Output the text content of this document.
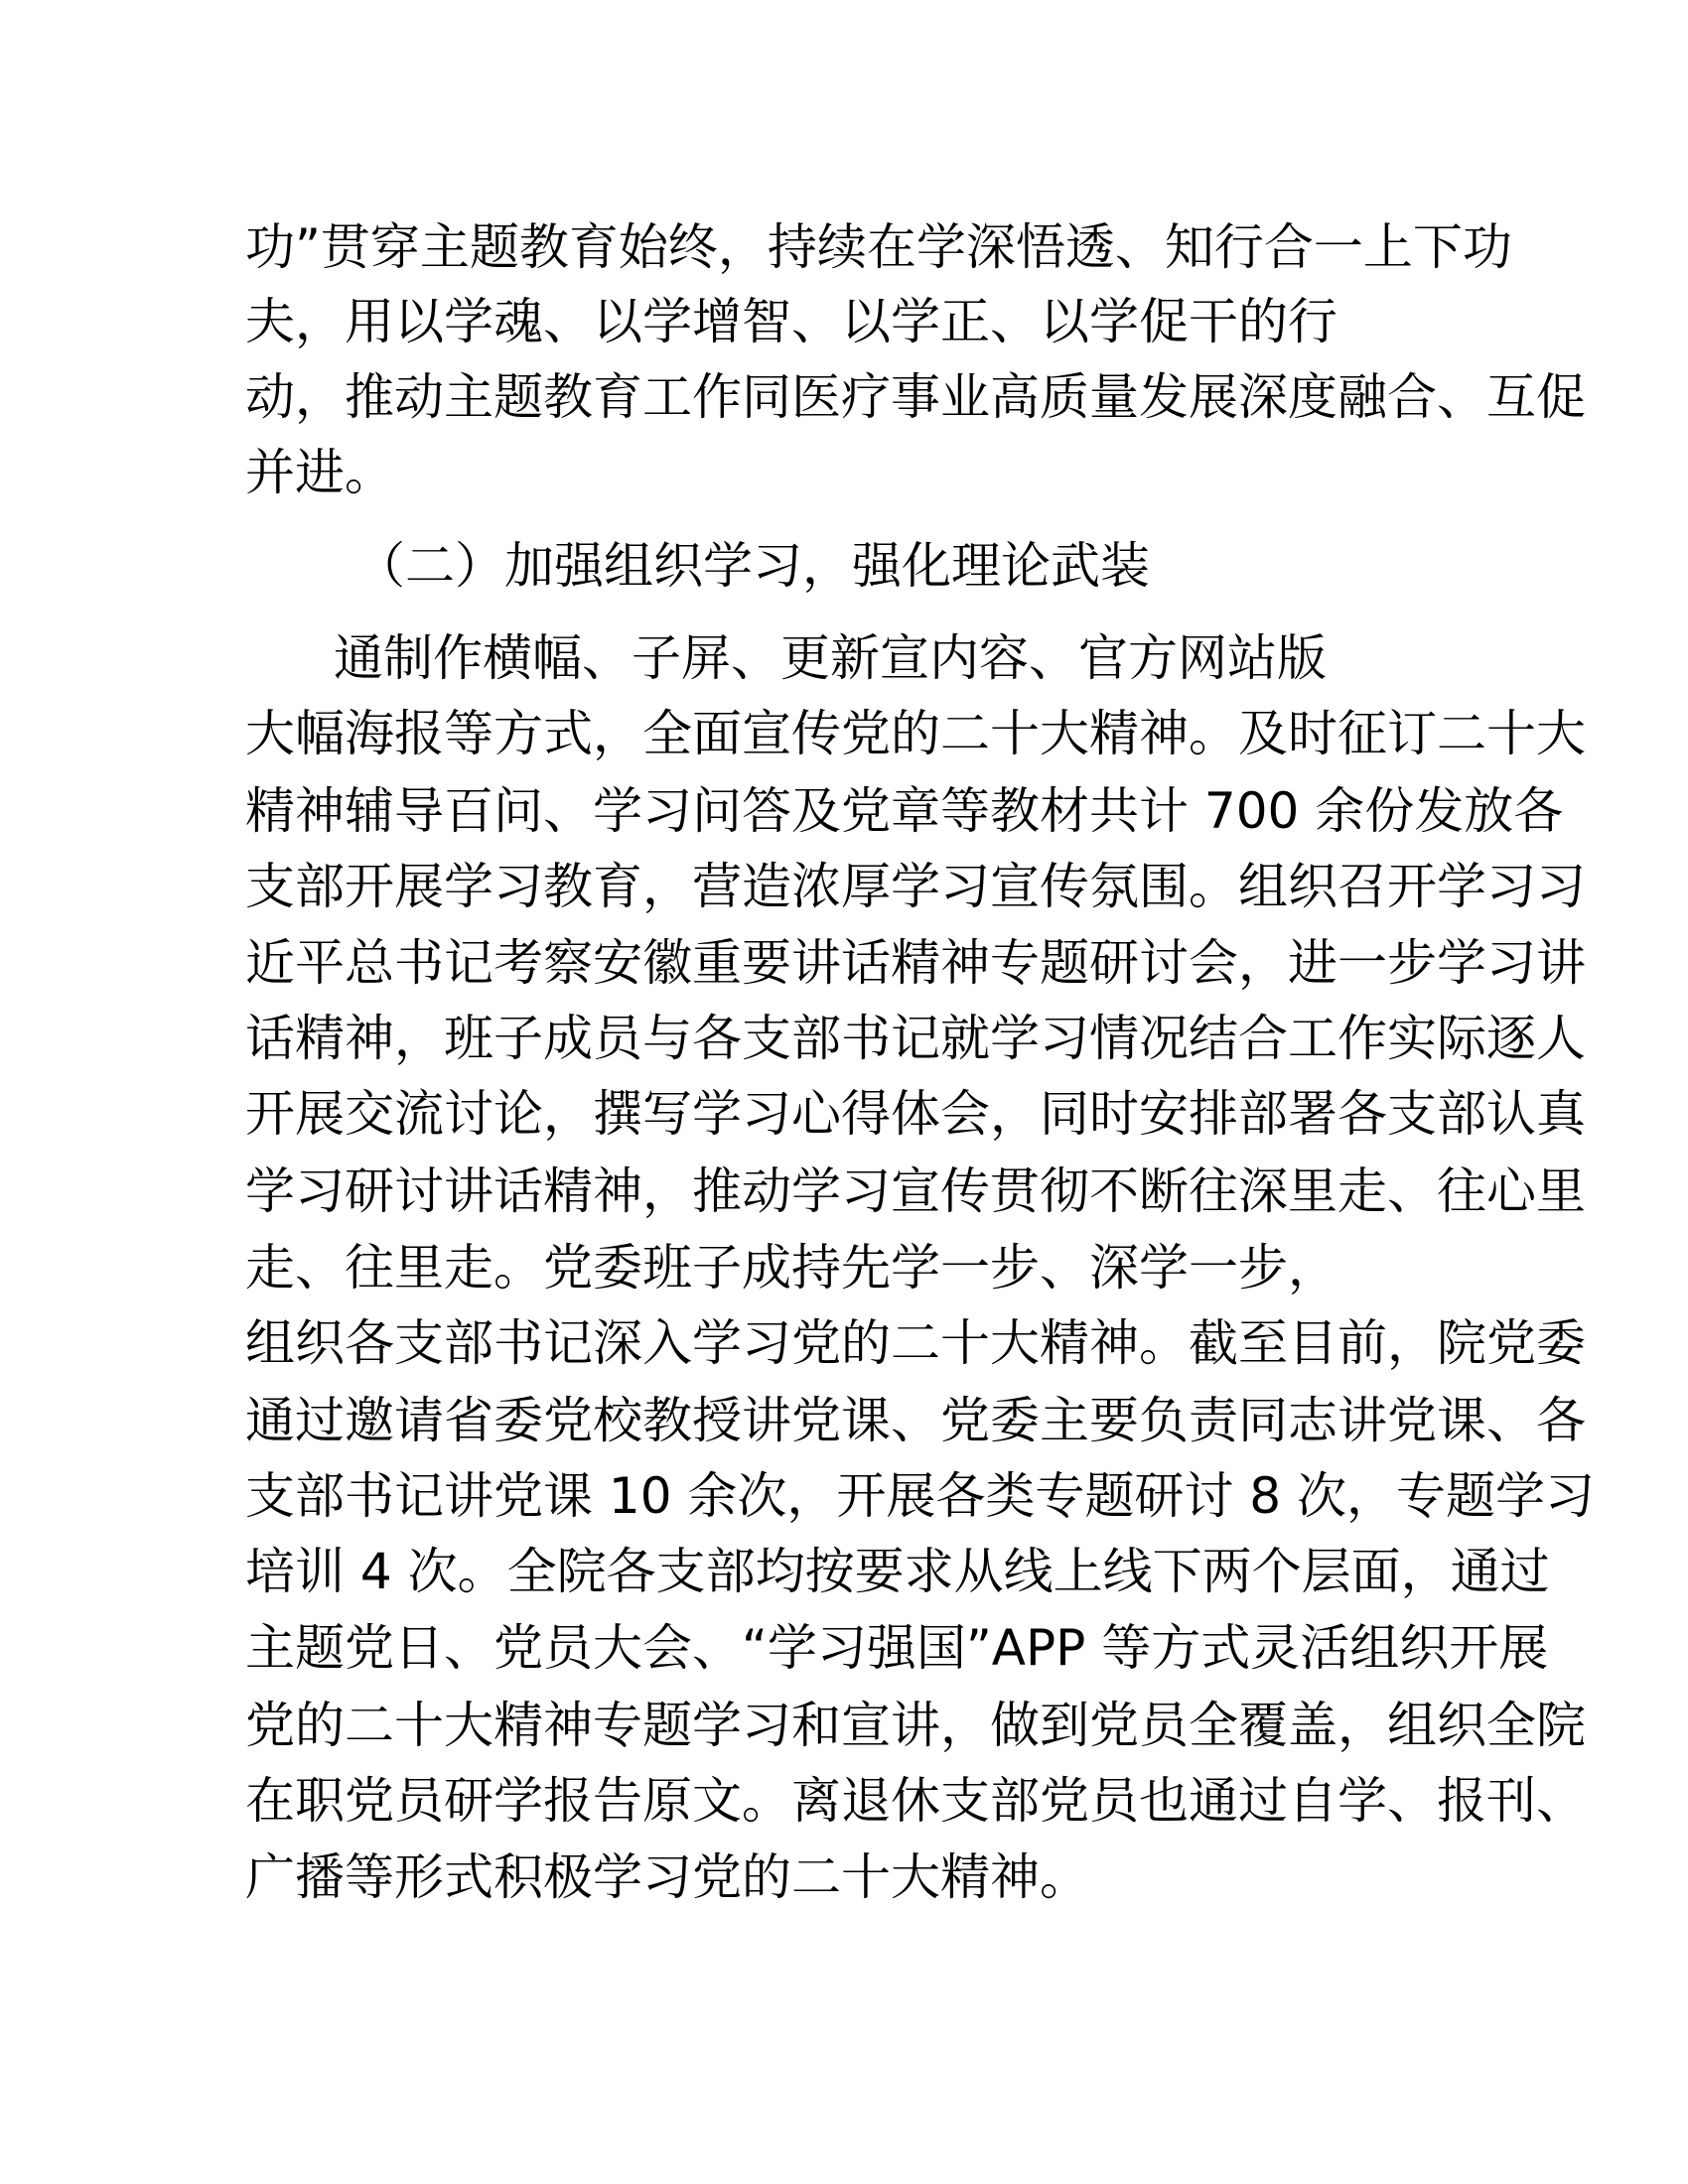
功”贯穿主题教育始终，持续在学深悟透、知行合一上下功
夫，用以学魂、以学增智、以学正、以学促干的行
动，推动主题教育工作同医疗事业高质量发展深度融合、互促
并进。
（二）加强组织学习，强化理论武装
通制作横幅、子屏、更新宣内容、官方网站版
大幅海报等方式，全面宣传党的二十大精神。及时征订二十大
精神辅导百问、学习问答及党章等教材共计 700 余份发放各
支部开展学习教育，营造浓厚学习宣传氛围。组织召开学习习
近平总书记考察安徽重要讲话精神专题研讨会，进一步学习讲
话精神，班子成员与各支部书记就学习情况结合工作实际逐人
开展交流讨论，撰写学习心得体会，同时安排部署各支部认真
学习研讨讲话精神，推动学习宣传贯彻不断往深里走、往心里
走、往里走。党委班子成持先学一步、深学一步，
组织各支部书记深入学习党的二十大精神。截至目前，院党委
通过邀请省委党校教授讲党课、党委主要负责同志讲党课、各
支部书记讲党课 10 余次，开展各类专题研讨 8 次，专题学习
培训 4 次。全院各支部均按要求从线上线下两个层面，通过
主题党日、党员大会、“学习强国”APP 等方式灵活组织开展
党的二十大精神专题学习和宣讲，做到党员全覆盖，组织全院
在职党员研学报告原文。离退休支部党员也通过自学、报刊、
广播等形式积极学习党的二十大精神。
